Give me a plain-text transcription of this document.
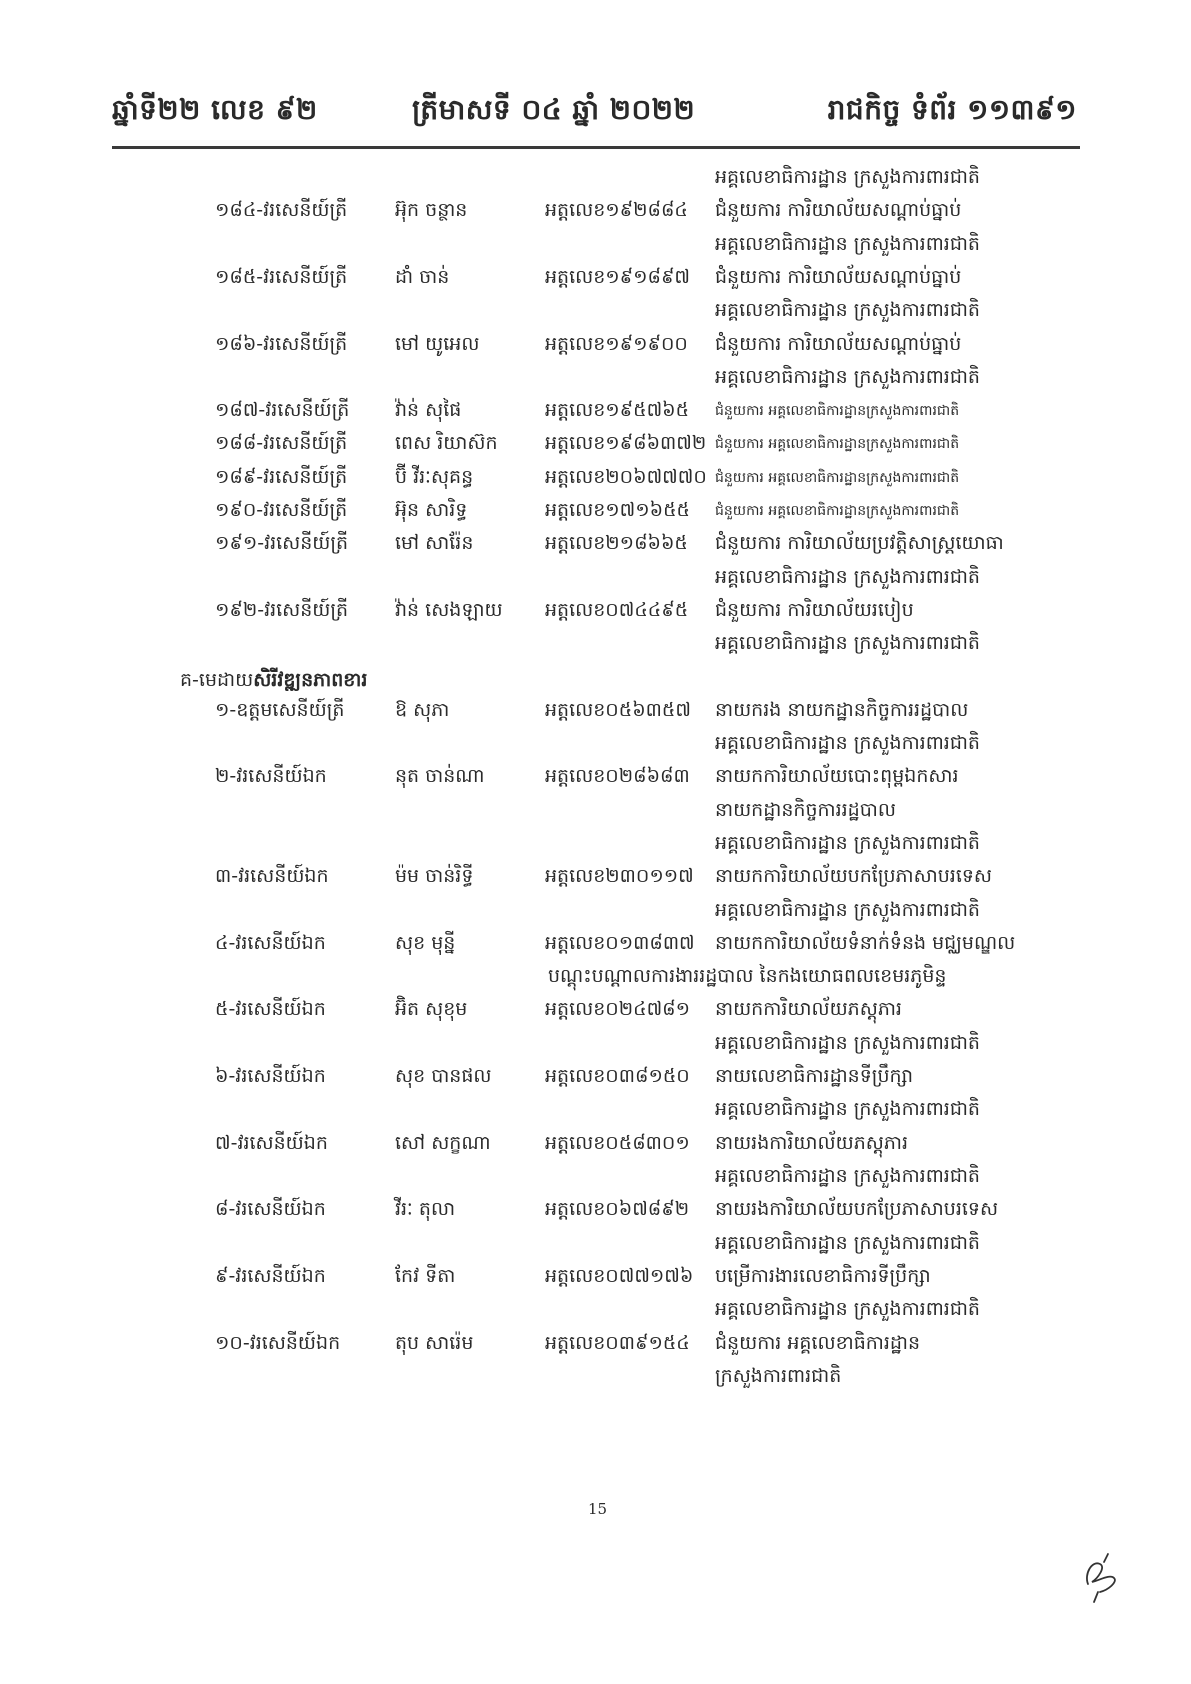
ឆ្នាំទី២២ លេខ ៩២	ត្រីមាសទី ០៤ ឆ្នាំ ២០២២	រាជកិច្ច ទំព័រ ១១៣៩១
អគ្គលេខាធិការដ្ឋាន ក្រសួងការពារជាតិ
១៨៤-វរសេនីយ៍ត្រី	អ៊ុក ចន្ថាន	អត្តលេខ១៩២៨៨៤ ជំនួយការ ការិយាល័យសណ្តាប់ធ្នាប់
អគ្គលេខាធិការដ្ឋាន ក្រសួងការពារជាតិ
១៨៥-វរសេនីយ៍ត្រី	ដាំ ចាន់	អត្តលេខ១៩១៨៩៧ ជំនួយការ ការិយាល័យសណ្តាប់ធ្នាប់
អគ្គលេខាធិការដ្ឋាន ក្រសួងការពារជាតិ
១៨៦-វរសេនីយ៍ត្រី	មៅ យូអេល	អត្តលេខ១៩១៩០០ ជំនួយការ ការិយាល័យសណ្តាប់ធ្នាប់
អគ្គលេខាធិការដ្ឋាន ក្រសួងការពារជាតិ
១៨៧-វរសេនីយ៍ត្រី វ៉ាន់ សុផៃ	អត្តលេខ១៩៥៧៦៥ ជំនួយការ អគ្គលេខាធិការដ្ឋានក្រសួងការពារជាតិ
១៨៨-វរសេនីយ៍ត្រី	ពេស រិយាស៊ក អត្តលេខ១៩៨៦៣៧២ ជំនួយការ អគ្គលេខាធិការដ្ឋានក្រសួងការពារជាតិ
១៨៩-វរសេនីយ៍ត្រី	ប៊ី វីរៈសុគន្ធ	អត្តលេខ២០៦៧៧៧០ ជំនួយការ អគ្គលេខាធិការដ្ឋានក្រសួងការពារជាតិ
១៩០-វរសេនីយ៍ត្រី	អ៊ុន សារិទ្ធ	អត្តលេខ១៧១៦៥៥ ជំនួយការ អគ្គលេខាធិការដ្ឋានក្រសួងការពារជាតិ
១៩១-វរសេនីយ៍ត្រី មៅ សារ៉ែន	អត្តលេខ២១៨៦៦៥ ជំនួយការ ការិយាល័យប្រវត្តិសាស្ត្រយោធា
អគ្គលេខាធិការដ្ឋាន ក្រសួងការពារជាតិ
១៩២-វរសេនីយ៍ត្រី វ៉ាន់ សេងឡាយ អត្តលេខ០៧៤៤៩៥ ជំនួយការ ការិយាល័យរបៀប
អគ្គលេខាធិការដ្ឋាន ក្រសួងការពារជាតិ
គ-មេដាយសិរីវឌ្ឍនភាពខារ
១-ឧត្តមសេនីយ៍ត្រី	ឱ សុភា	អត្តលេខ០៥៦៣៥៧ នាយករង នាយកដ្ឋានកិច្ចការរដ្ឋបាល
អគ្គលេខាធិការដ្ឋាន ក្រសួងការពារជាតិ
២-វរសេនីយ៍ឯក	នុត ចាន់ណា	អត្តលេខ០២៨៦៨៣ នាយកការិយាល័យបោះពុម្ពឯកសារ
នាយកដ្ឋានកិច្ចការរដ្ឋបាល
អគ្គលេខាធិការដ្ឋាន ក្រសួងការពារជាតិ
៣-វរសេនីយ៍ឯក	ម៉ម ចាន់រិទ្ធី	អត្តលេខ២៣០១១៧ នាយកការិយាល័យបកប្រែភាសាបរទេស
អគ្គលេខាធិការដ្ឋាន ក្រសួងការពារជាតិ
៤-វរសេនីយ៍ឯក	សុខ មុន្នី	អត្តលេខ០១៣៨៣៧ នាយកការិយាល័យទំនាក់ទំនង មជ្ឈមណ្ឌល
បណ្តុះបណ្តាលការងាររដ្ឋបាល នៃកងយោធពលខេមរភូមិន្ទ
៥-វរសេនីយ៍ឯក	អ៊ិត សុខុម	អត្តលេខ០២៤៧៨១ នាយកការិយាល័យភស្តុភារ
អគ្គលេខាធិការដ្ឋាន ក្រសួងការពារជាតិ
៦-វរសេនីយ៍ឯក	សុខ បានផល	អត្តលេខ០៣៨១៥០ នាយលេខាធិការដ្ឋានទីប្រឹក្សា
អគ្គលេខាធិការដ្ឋាន ក្រសួងការពារជាតិ
៧-វរសេនីយ៍ឯក	សៅ សក្ខណា	អត្តលេខ០៥៨៣០១ នាយរងការិយាល័យភស្តុភារ
អគ្គលេខាធិការដ្ឋាន ក្រសួងការពារជាតិ
៨-វរសេនីយ៍ឯក	វីរៈ តុលា	អត្តលេខ០៦៧៨៩២ នាយរងការិយាល័យបកប្រែភាសាបរទេស
អគ្គលេខាធិការដ្ឋាន ក្រសួងការពារជាតិ
៩-វរសេនីយ៍ឯក	កែវ ទីតា	អត្តលេខ០៧៧១៧៦ បម្រើការងារលេខាធិការទីប្រឹក្សា
អគ្គលេខាធិការដ្ឋាន ក្រសួងការពារជាតិ
១០-វរសេនីយ៍ឯក	តុប សារ៉េម	អត្តលេខ០៣៩១៥៤ ជំនួយការ អគ្គលេខាធិការដ្ឋាន
ក្រសួងការពារជាតិ
15
